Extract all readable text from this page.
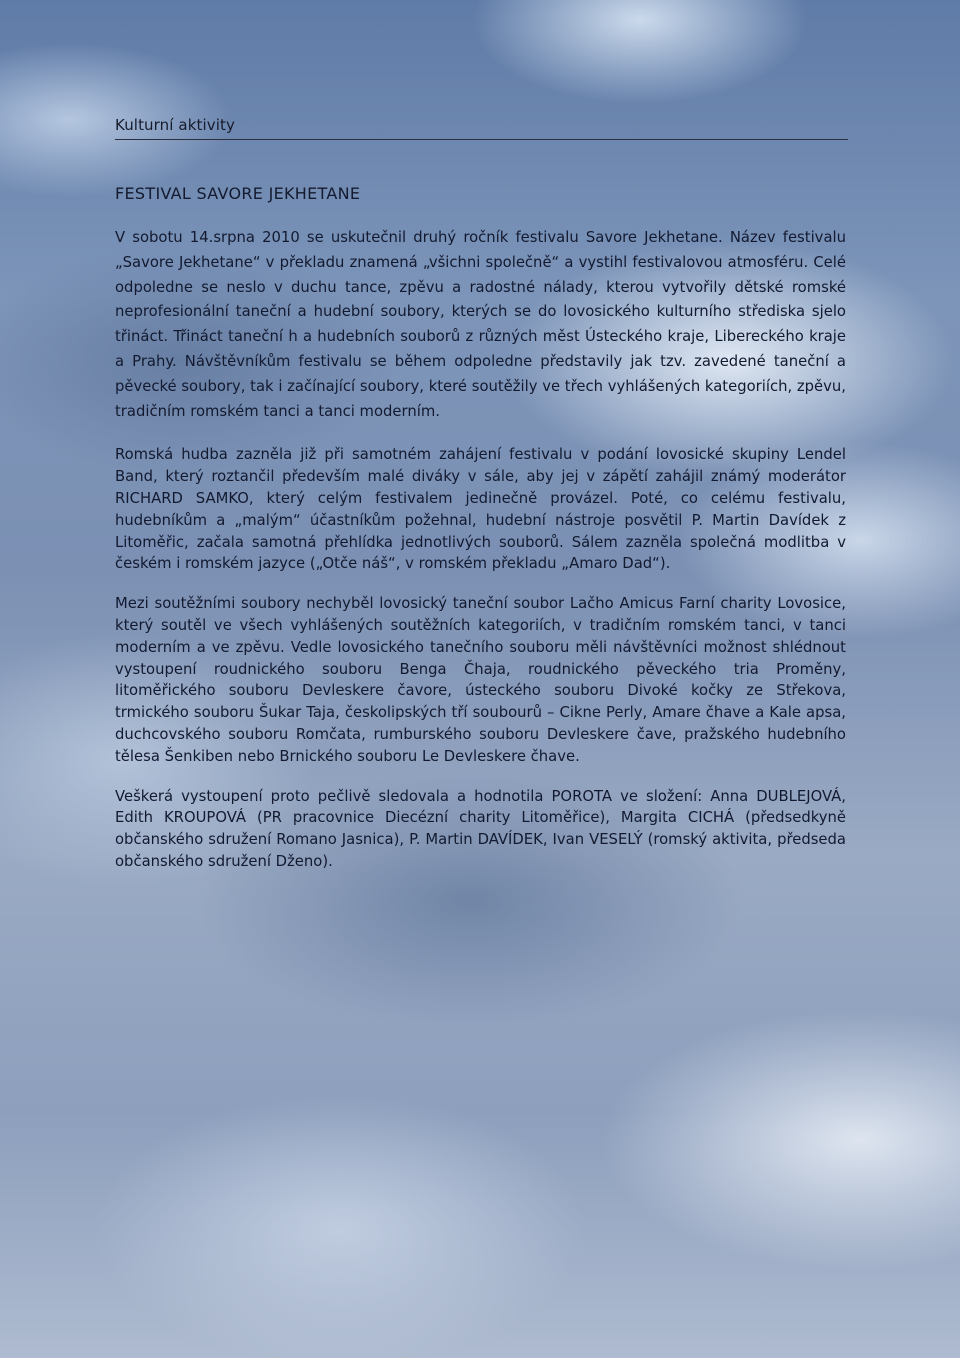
Kulturní aktivity
FESTIVAL SAVORE JEKHETANE

V sobotu 14.srpna 2010 se uskutečnil druhý ročník festivalu Savore Jekhetane. Název festivalu „Savore Jekhetane“ v překladu znamená „všichni společně“ a vystihl festivalovou atmosféru. Celé odpoledne se neslo v duchu tance, zpěvu a radostné nálady, kterou vytvořily dětské romské neprofesionální taneční a hudební soubory, kterých se do lovosického kulturního střediska sjelo třináct. Třináct taneční h a hudebních souborů z různých měst Ústeckého kraje, Libereckého kraje a Prahy. Návštěvníkům festivalu se během odpoledne představily jak tzv. zavedené taneční a pěvecké soubory, tak i začínající soubory, které soutěžily ve třech vyhlášených kategoriích, zpěvu, tradičním romském tanci a tanci moderním.

Romská hudba zazněla již při samotném zahájení festivalu v podání lovosické skupiny Lendel Band, který roztančil především malé diváky v sále, aby jej v zápětí zahájil známý moderátor RICHARD SAMKO, který celým festivalem jedinečně provázel. Poté, co celému festivalu, hudebníkům a „malým“ účastníkům požehnal, hudební nástroje posvětil P. Martin Davídek z Litoměřic, začala samotná přehlídka jednotlivých souborů. Sálem zazněla společná modlitba v českém i romském jazyce („Otče náš“, v romském překladu „Amaro Dad“).

Mezi soutěžními soubory nechyběl lovosický taneční soubor Lačho Amicus Farní charity Lovosice, který soutěl ve všech vyhlášených soutěžních kategoriích, v tradičním romském tanci, v tanci moderním a ve zpěvu. Vedle lovosického tanečního souboru měli návštěvníci možnost shlédnout vystoupení roudnického souboru Benga Čhaja, roudnického pěveckého tria Proměny, litoměřického souboru Devleskere čavore, ústeckého souboru Divoké kočky ze Střekova, trmického souboru Šukar Taja, českolipských tří soubourů – Cikne Perly, Amare čhave a Kale apsa, duchcovského souboru Romčata, rumburského souboru Devleskere čave, pražského hudebního tělesa Šenkiben nebo Brnického souboru Le Devleskere čhave.

Veškerá vystoupení proto pečlivě sledovala a hodnotila POROTA ve složení: Anna DUBLEJOVÁ, Edith KROUPOVÁ (PR pracovnice Diecézní charity Litoměřice), Margita CICHÁ (předsedkyně občanského sdružení Romano Jasnica), P. Martin DAVÍDEK, Ivan VESELÝ (romský aktivita, předseda občanského sdružení Dženo).
